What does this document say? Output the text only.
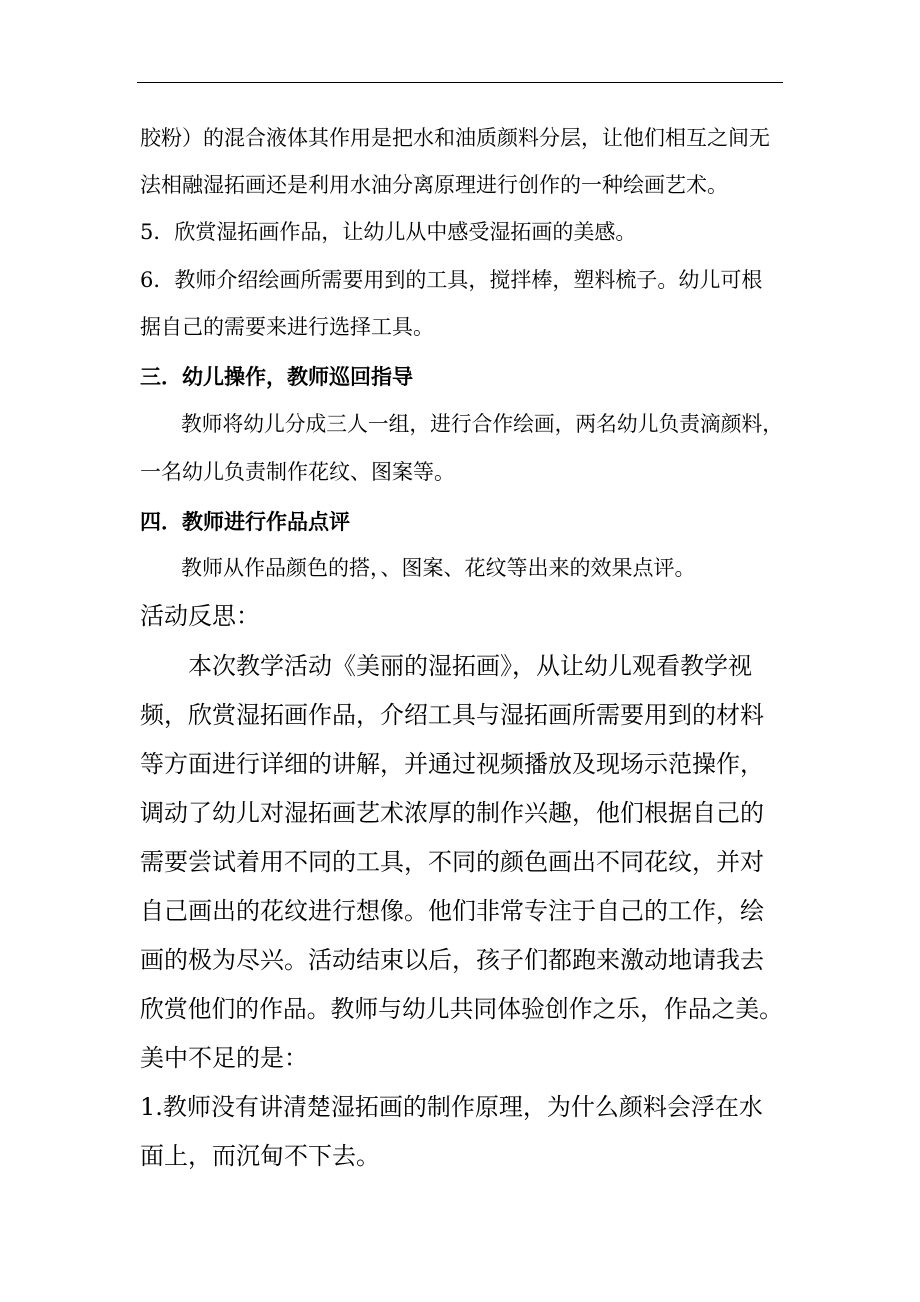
胶粉）的混合液体其作用是把水和油质颜料分层，让他们相互之间无
法相融湿拓画还是利用水油分离原理进行创作的一种绘画艺术。
5．欣赏湿拓画作品，让幼儿从中感受湿拓画的美感。
6．教师介绍绘画所需要用到的工具，搅拌棒，塑料梳子。幼儿可根
据自己的需要来进行选择工具。
三．幼儿操作，教师巡回指导
教师将幼儿分成三人一组，进行合作绘画，两名幼儿负责滴颜料，
一名幼儿负责制作花纹、图案等。
四．教师进行作品点评
教师从作品颜色的搭，、图案、花纹等出来的效果点评。
活动反思：
本次教学活动《美丽的湿拓画》，从让幼儿观看教学视
频，欣赏湿拓画作品，介绍工具与湿拓画所需要用到的材料
等方面进行详细的讲解，并通过视频播放及现场示范操作，
调动了幼儿对湿拓画艺术浓厚的制作兴趣，他们根据自己的
需要尝试着用不同的工具，不同的颜色画出不同花纹，并对
自己画出的花纹进行想像。他们非常专注于自己的工作，绘
画的极为尽兴。活动结束以后，孩子们都跑来激动地请我去
欣赏他们的作品。教师与幼儿共同体验创作之乐，作品之美。
美中不足的是：
1.教师没有讲清楚湿拓画的制作原理，为什么颜料会浮在水
面上，而沉甸不下去。
